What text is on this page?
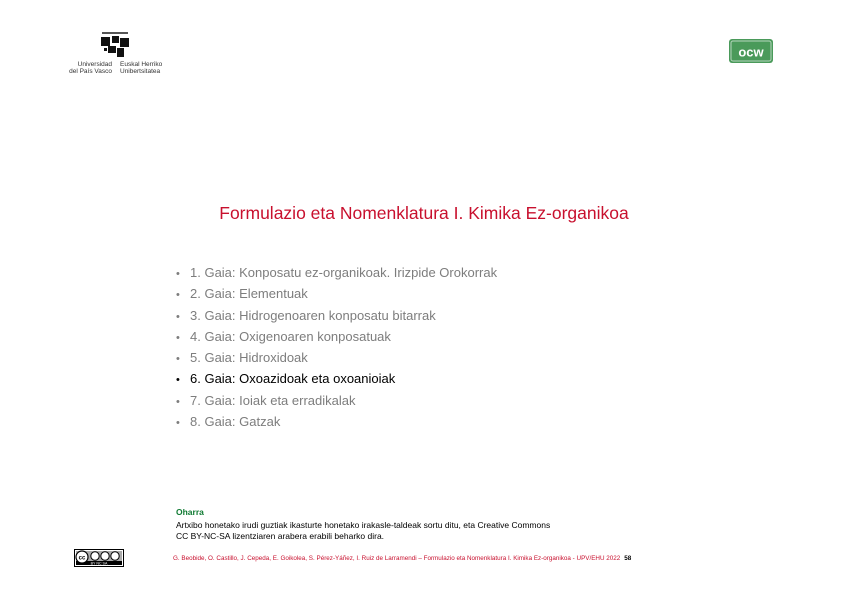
Universidad
del País Vasco
Euskal Herriko
Unibertsitatea
ocw
Formulazio eta Nomenklatura I. Kimika Ez-organikoa
• 1. Gaia: Konposatu ez-organikoak. Irizpide Orokorrak
• 2. Gaia: Elementuak
• 3. Gaia: Hidrogenoaren konposatu bitarrak
• 4. Gaia: Oxigenoaren konposatuak
• 5. Gaia: Hidroxidoak
• 6. Gaia: Oxoazidoak eta oxoanioiak
• 7. Gaia: Ioiak eta erradikalak
• 8. Gaia: Gatzak
Oharra
Artxibo honetako irudi guztiak ikasturte honetako irakasle-taldeak sortu ditu, eta Creative Commons
CC BY-NC-SA lizentziaren arabera erabili beharko dira.
cc
BY NC SA
G. Beobide, O. Castillo, J. Cepeda, E. Goikolea, S. Pérez-Yáñez, I. Ruiz de Larramendi – Formulazio eta Nomenklatura I. Kimika Ez-organikoa - UPV/EHU 2022 58
